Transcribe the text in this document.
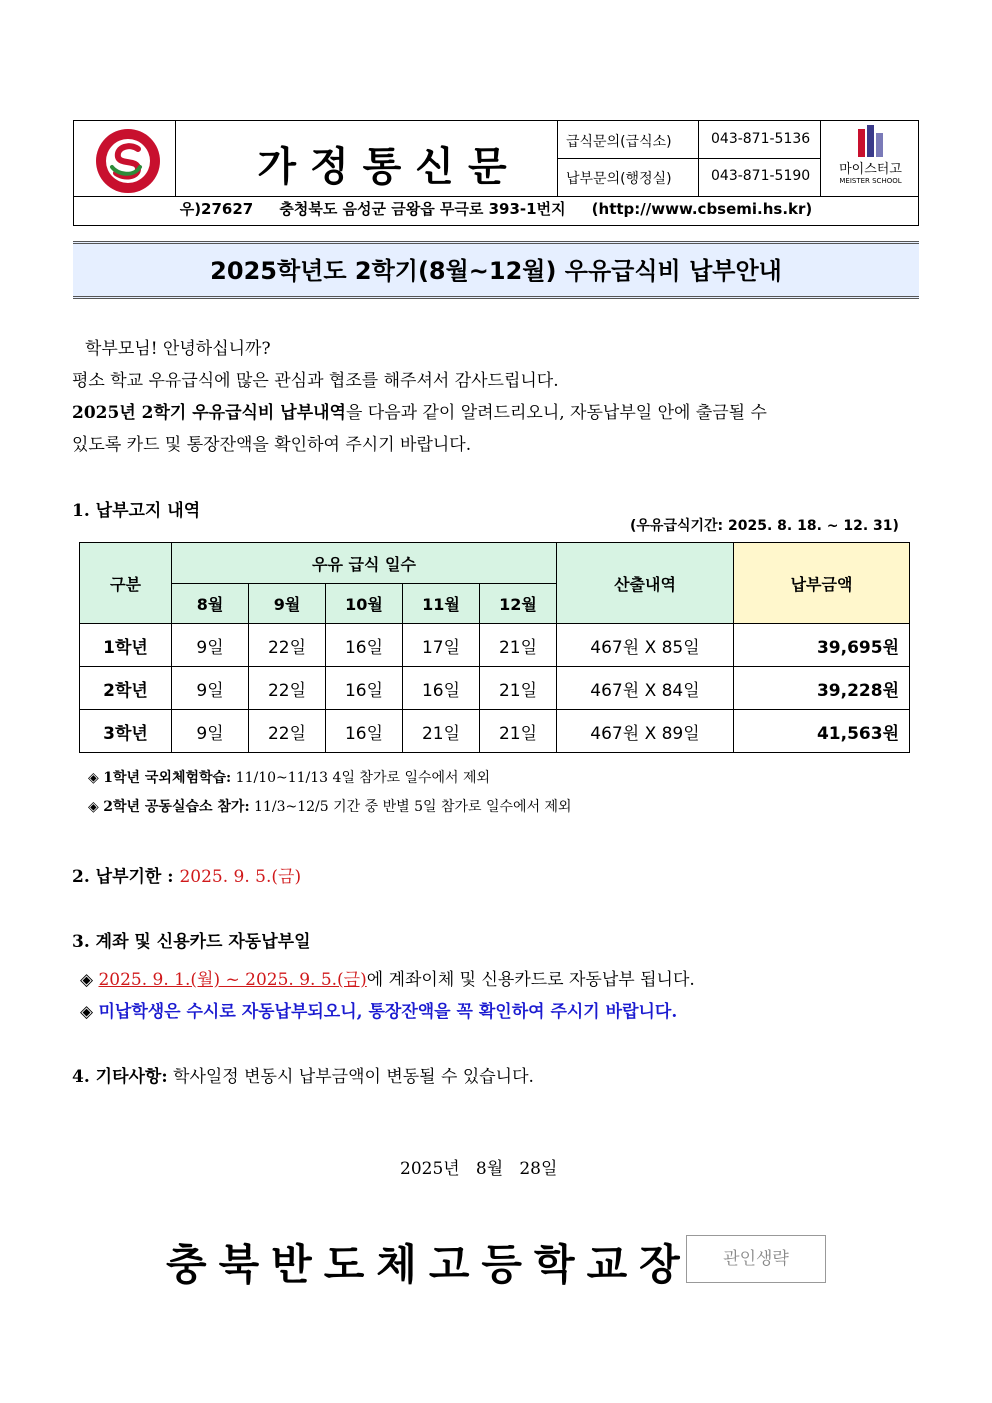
가정통신문
급식문의(급식소)	043-871-5136
납부문의(행정실)	043-871-5190	마이스터고
MEISTER SCHOOL
우)27627     충청북도 음성군 금왕읍 무극로 393-1번지     (http://www.cbsemi.hs.kr)
2025학년도 2학기(8월~12월) 우유급식비 납부안내
학부모님! 안녕하십니까?
평소 학교 우유급식에 많은 관심과 협조를 해주셔서 감사드립니다.
2025년 2학기 우유급식비 납부내역을 다음과 같이 알려드리오니, 자동납부일 안에 출금될 수
있도록 카드 및 통장잔액을 확인하여 주시기 바랍니다.
1. 납부고지 내역
(우유급식기간: 2025. 8. 18. ~ 12. 31)
구분	우유 급식 일수					산출내역	납부금액
	8월	9월	10월	11월	12월		
1학년	9일	22일	16일	17일	21일	467원 X 85일	39,695원
2학년	9일	22일	16일	16일	21일	467원 X 84일	39,228원
3학년	9일	22일	16일	21일	21일	467원 X 89일	41,563원
◈ 1학년 국외체험학습: 11/10~11/13 4일 참가로 일수에서 제외
◈ 2학년 공동실습소 참가: 11/3~12/5 기간 중 반별 5일 참가로 일수에서 제외
2. 납부기한 : 2025. 9. 5.(금)
3. 계좌 및 신용카드 자동납부일
◈ 2025. 9. 1.(월) ~ 2025. 9. 5.(금)에 계좌이체 및 신용카드로 자동납부 됩니다.
◈ 미납학생은 수시로 자동납부되오니, 통장잔액을 꼭 확인하여 주시기 바랍니다.
4. 기타사항: 학사일정 변동시 납부금액이 변동될 수 있습니다.
2025년   8월   28일
충북반도체고등학교장	관인생략
